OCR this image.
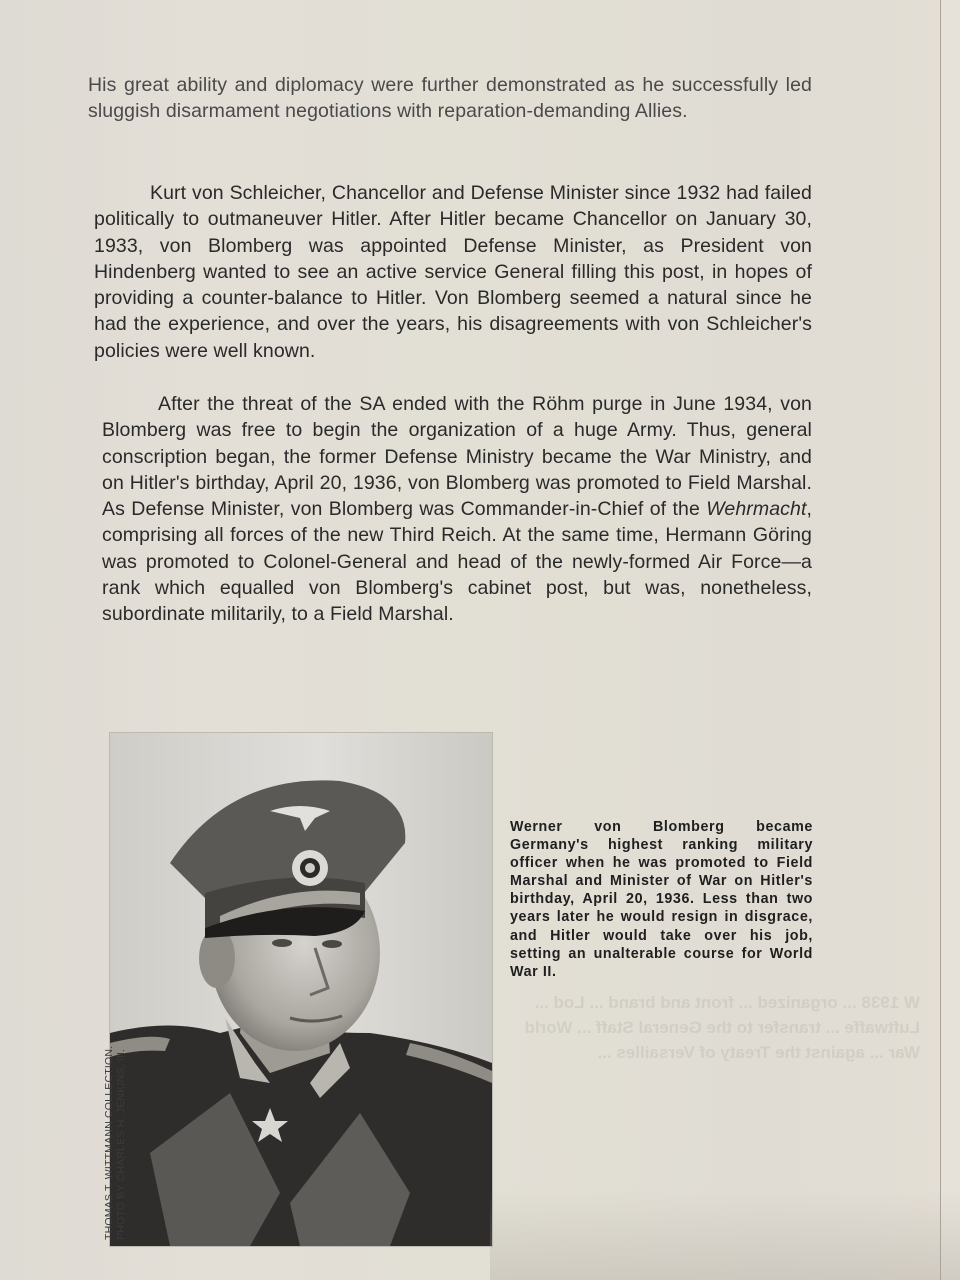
W 1938 ... organized ... front and brand ... Lod ... Luftwaffe ... transfer to the General Staff ... World War ... against the Treaty of Versailles ...

His great ability and diplomacy were further demonstrated as he successfully led sluggish disarmament negotiations with reparation-demanding Allies.

Kurt von Schleicher, Chancellor and Defense Minister since 1932 had failed politically to outmaneuver Hitler. After Hitler became Chancellor on January 30, 1933, von Blomberg was appointed Defense Minister, as President von Hindenberg wanted to see an active service General filling this post, in hopes of providing a counter-balance to Hitler. Von Blomberg seemed a natural since he had the experience, and over the years, his disagreements with von Schleicher's policies were well known.

After the threat of the SA ended with the Röhm purge in June 1934, von Blomberg was free to begin the organization of a huge Army. Thus, general conscription began, the former Defense Ministry became the War Ministry, and on Hitler's birthday, April 20, 1936, von Blomberg was promoted to Field Marshal. As Defense Minister, von Blomberg was Commander-in-Chief of the Wehrmacht, comprising all forces of the new Third Reich. At the same time, Hermann Göring was promoted to Colonel-General and head of the newly-formed Air Force—a rank which equalled von Blomberg's cabinet post, but was, nonetheless, subordinate militarily, to a Field Marshal.

THOMAS T. WITTMANN COLLECTION. PHOTO BY CHARLES H. JENKINS, III.
Werner von Blomberg became Germany's highest ranking military officer when he was promoted to Field Marshal and Minister of War on Hitler's birthday, April 20, 1936. Less than two years later he would resign in disgrace, and Hitler would take over his job, setting an unalterable course for World War II.
